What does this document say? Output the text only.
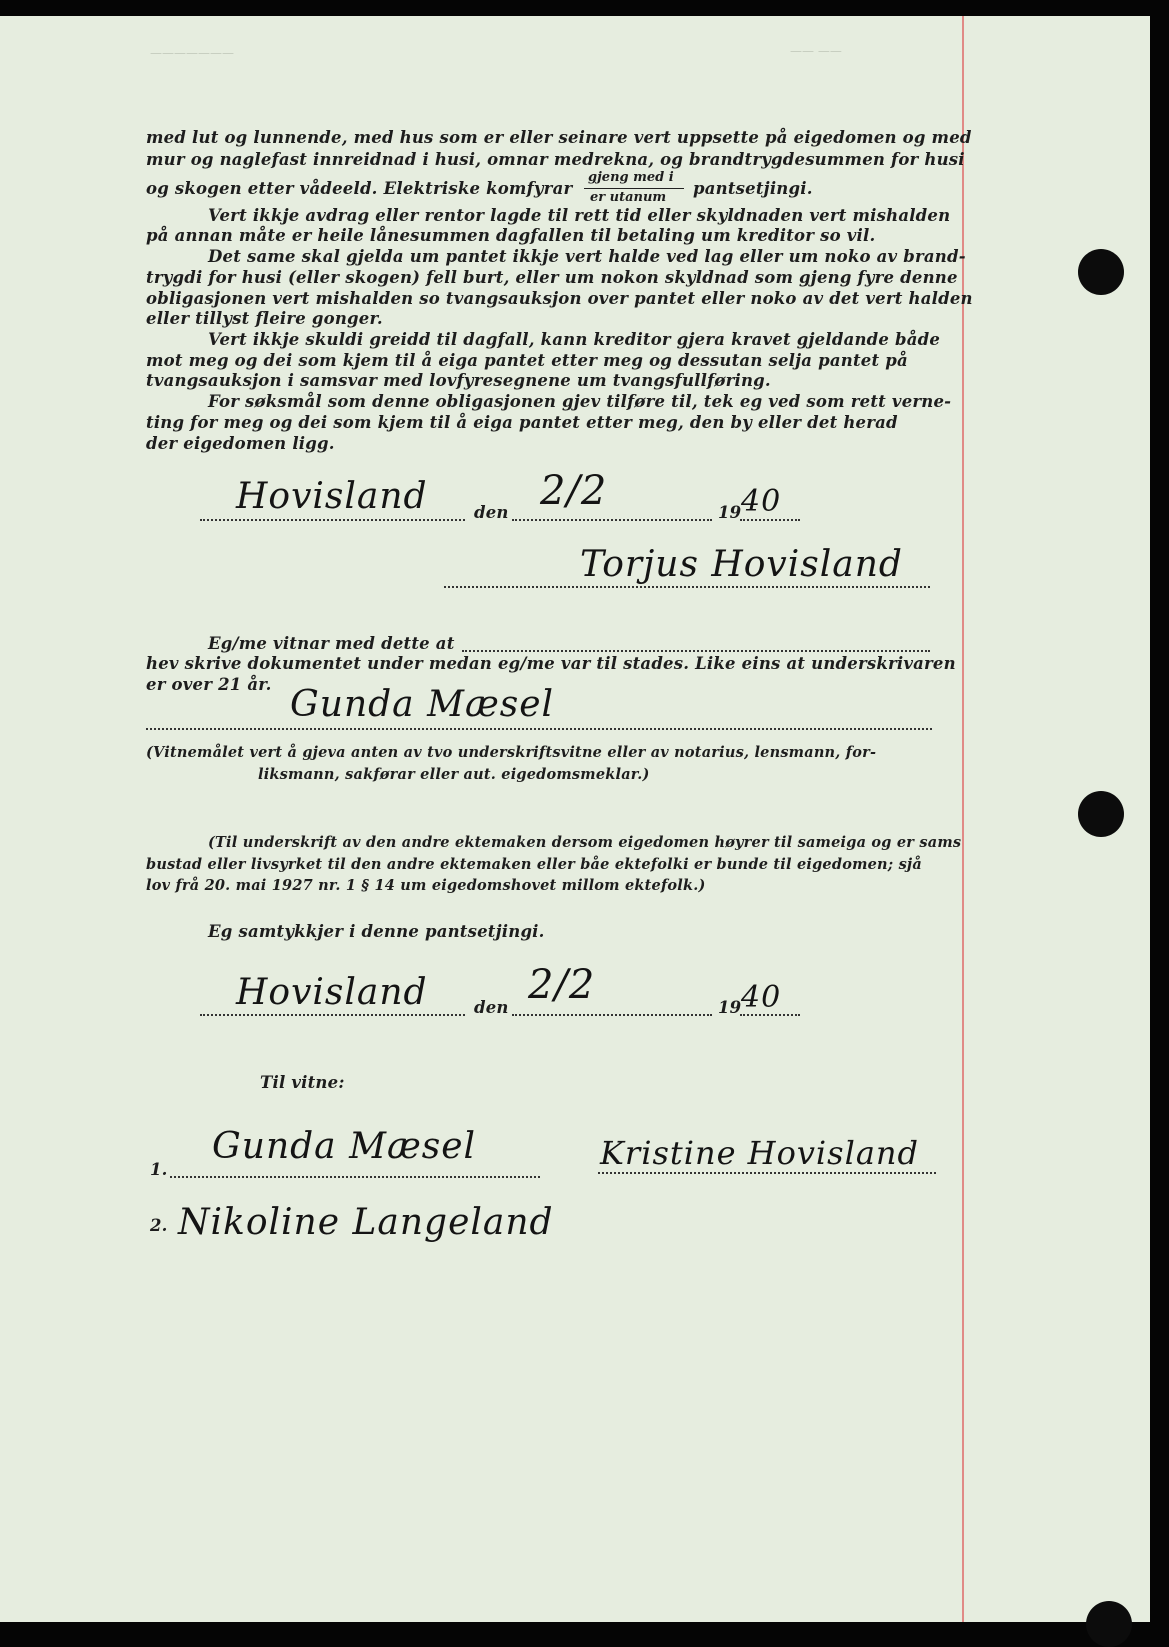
———————	—— ——
med lut og lunnende, med hus som er eller seinare vert uppsette på eigedomen og med
mur og naglefast innreidnad i husi, omnar medrekna, og brandtrygdesummen for husi
og skogen etter vådeeld. Elektriske komfyrar
gjeng med i
er utanum pantsetjingi.
Vert ikkje avdrag eller rentor lagde til rett tid eller skyldnaden vert mishalden
på annan måte er heile lånesummen dagfallen til betaling um kreditor so vil.
Det same skal gjelda um pantet ikkje vert halde ved lag eller um noko av brand-
trygdi for husi (eller skogen) fell burt, eller um nokon skyldnad som gjeng fyre denne
obligasjonen vert mishalden so tvangsauksjon over pantet eller noko av det vert halden
eller tillyst fleire gonger.
Vert ikkje skuldi greidd til dagfall, kann kreditor gjera kravet gjeldande både
mot meg og dei som kjem til å eiga pantet etter meg og dessutan selja pantet på
tvangsauksjon i samsvar med lovfyresegnene um tvangsfullføring.
For søksmål som denne obligasjonen gjev tilføre til, tek eg ved som rett verne-
ting for meg og dei som kjem til å eiga pantet etter meg, den by eller det herad
der eigedomen ligg.
Hovisland	den 2/2	19 40
Torjus Hovisland
Eg/me vitnar med dette at
hev skrive dokumentet under medan eg/me var til stades. Like eins at underskrivaren
er over 21 år. Gunda Mæsel
(Vitnemålet vert å gjeva anten av tvo underskriftsvitne eller av notarius, lensmann, for-
liksmann, sakførar eller aut. eigedomsmeklar.)
(Til underskrift av den andre ektemaken dersom eigedomen høyrer til sameiga og er sams
bustad eller livsyrket til den andre ektemaken eller båe ektefolki er bunde til eigedomen; sjå
lov frå 20. mai 1927 nr. 1 § 14 um eigedomshovet millom ektefolk.)
Eg samtykkjer i denne pantsetjingi.
Hovisland	den 2/2	19 40
Til vitne:
1.
Gunda Mæsel	Kristine Hovisland
2. Nikoline Langeland
